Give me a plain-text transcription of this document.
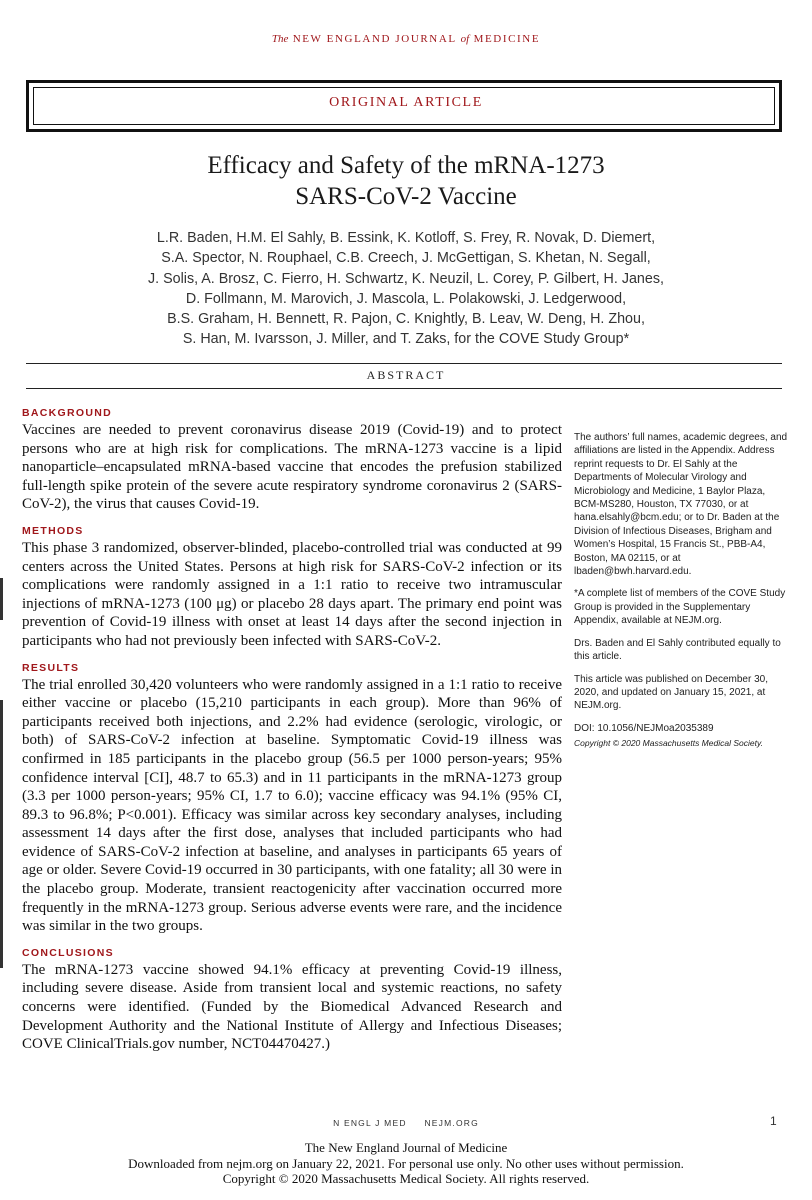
The NEW ENGLAND JOURNAL of MEDICINE
ORIGINAL ARTICLE
Efficacy and Safety of the mRNA-1273
SARS-CoV-2 Vaccine
L.R. Baden, H.M. El Sahly, B. Essink, K. Kotloff, S. Frey, R. Novak, D. Diemert,
S.A. Spector, N. Rouphael, C.B. Creech, J. McGettigan, S. Khetan, N. Segall,
J. Solis, A. Brosz, C. Fierro, H. Schwartz, K. Neuzil, L. Corey, P. Gilbert, H. Janes,
D. Follmann, M. Marovich, J. Mascola, L. Polakowski, J. Ledgerwood,
B.S. Graham, H. Bennett, R. Pajon, C. Knightly, B. Leav, W. Deng, H. Zhou,
S. Han, M. Ivarsson, J. Miller, and T. Zaks, for the COVE Study Group*
ABSTRACT
BACKGROUND

Vaccines are needed to prevent coronavirus disease 2019 (Covid-19) and to protect persons who are at high risk for complications. The mRNA-1273 vaccine is a lipid nanoparticle–encapsulated mRNA-based vaccine that encodes the prefusion stabilized full-length spike protein of the severe acute respiratory syndrome coronavirus 2 (SARS-CoV-2), the virus that causes Covid-19.

METHODS

This phase 3 randomized, observer-blinded, placebo-controlled trial was conducted at 99 centers across the United States. Persons at high risk for SARS-CoV-2 infection or its complications were randomly assigned in a 1:1 ratio to receive two intramuscular injections of mRNA-1273 (100 μg) or placebo 28 days apart. The primary end point was prevention of Covid-19 illness with onset at least 14 days after the second injection in participants who had not previously been infected with SARS-CoV-2.

RESULTS

The trial enrolled 30,420 volunteers who were randomly assigned in a 1:1 ratio to receive either vaccine or placebo (15,210 participants in each group). More than 96% of participants received both injections, and 2.2% had evidence (serologic, virologic, or both) of SARS-CoV-2 infection at baseline. Symptomatic Covid-19 illness was confirmed in 185 participants in the placebo group (56.5 per 1000 person-years; 95% confidence interval [CI], 48.7 to 65.3) and in 11 participants in the mRNA-1273 group (3.3 per 1000 person-years; 95% CI, 1.7 to 6.0); vaccine efficacy was 94.1% (95% CI, 89.3 to 96.8%; P<0.001). Efficacy was similar across key secondary analyses, including assessment 14 days after the first dose, analyses that included participants who had evidence of SARS-CoV-2 infection at baseline, and analyses in participants 65 years of age or older. Severe Covid-19 occurred in 30 participants, with one fatality; all 30 were in the placebo group. Moderate, transient reactogenicity after vaccination occurred more frequently in the mRNA-1273 group. Serious adverse events were rare, and the incidence was similar in the two groups.

CONCLUSIONS

The mRNA-1273 vaccine showed 94.1% efficacy at preventing Covid-19 illness, including severe disease. Aside from transient local and systemic reactions, no safety concerns were identified. (Funded by the Biomedical Advanced Research and Development Authority and the National Institute of Allergy and Infectious Diseases; COVE ClinicalTrials.gov number, NCT04470427.)

The authors’ full names, academic degrees, and affiliations are listed in the Appendix. Address reprint requests to Dr. El Sahly at the Departments of Molecular Virology and Microbiology and Medicine, 1 Baylor Plaza, BCM-MS280, Houston, TX 77030, or at hana.elsahly@bcm.edu; or to Dr. Baden at the Division of Infectious Diseases, Brigham and Women’s Hospital, 15 Francis St., PBB-A4, Boston, MA 02115, or at lbaden@bwh.harvard.edu.

*A complete list of members of the COVE Study Group is provided in the Supplementary Appendix, available at NEJM.org.

Drs. Baden and El Sahly contributed equally to this article.

This article was published on December 30, 2020, and updated on January 15, 2021, at NEJM.org.

DOI: 10.1056/NEJMoa2035389

Copyright © 2020 Massachusetts Medical Society.

N ENGL J MED NEJM.ORG	1
The New England Journal of Medicine
Downloaded from nejm.org on January 22, 2021. For personal use only. No other uses without permission.
Copyright © 2020 Massachusetts Medical Society. All rights reserved.
